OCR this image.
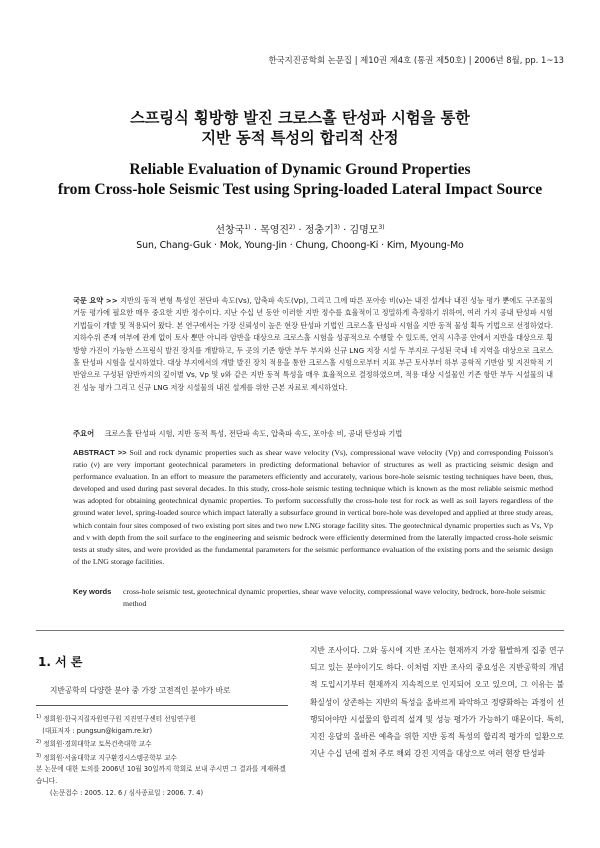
한국지진공학회 논문집 | 제10권 제4호 (통권 제50호) | 2006년 8월, pp. 1~13
스프링식 횡방향 발진 크로스홀 탄성파 시험을 통한
지반 동적 특성의 합리적 산정
Reliable Evaluation of Dynamic Ground Properties
from Cross-hole Seismic Test using Spring-loaded Lateral Impact Source
선창국$^{1)}$ · 목영진$^{2)}$ · 정충기$^{3)}$ · 김명모$^{3)}$
Sun, Chang-Guk · Mok, Young-Jin · Chung, Choong-Ki · Kim, Myoung-Mo
국문 요약 >> 지반의 동적 변형 특성인 전단파 속도(Vs), 압축파 속도(Vp), 그리고 그에 따른 포아송 비(ν)는 내진 설계나 내진 성능 평가 뿐에도 구조물의 거동 평가에 필요한 매우 중요한 지반 정수이다. 지난 수십 년 동안 이러한 지반 정수를 효율적이고 정밀하게 측정하기 위하여, 여러 가지 공내 탄성파 시험 기법들이 개발 및 적용되어 왔다. 본 연구에서는 가장 신뢰성이 높은 현장 탄성파 기법인 크로스홀 탄성파 시험을 지반 동적 물성 획득 기법으로 선정하였다. 지하수위 존재 여부에 관계 없이 토사 뿐만 아니라 암반을 대상으로 크로스홀 시험을 성공적으로 수행할 수 있도록, 연직 시추공 안에서 지반을 대상으로 횡방향 가진이 가능한 스프링식 발진 장치를 개발하고, 두 곳의 기존 항만 부두 부지와 신규 LNG 저장 시설 두 부지로 구성된 국내 네 지역을 대상으로 크로스홀 탄성파 시험을 실시하였다. 대상 부지에서의 개발 발진 장치 적용을 통한 크로스홀 시험으로부터 지표 부근 토사부터 하부 공학적 기반암 및 지진학적 기반암으로 구성된 암반까지의 깊이별 Vs, Vp 및 ν와 같은 지반 동적 특성을 매우 효율적으로 결정하였으며, 적용 대상 시설물인 기존 항만 부두 시설물의 내진 성능 평가 그리고 신규 LNG 저장 시설물의 내진 설계를 위한 근본 자료로 제시하였다.
주요어 크로스홀 탄성파 시험, 지반 동적 특성, 전단파 속도, 압축파 속도, 포아송 비, 공내 탄성파 기법
ABSTRACT >> Soil and rock dynamic properties such as shear wave velocity (Vs), compressional wave velocity (Vp) and corresponding Poisson's ratio (ν) are very important geotechnical parameters in predicting deformational behavior of structures as well as practicing seismic design and performance evaluation. In an effort to measure the parameters efficiently and accurately, various bore-hole seismic testing techniques have been, thus, developed and used during past several decades. In this study, cross-hole seismic testing technique which is known as the most reliable seismic method was adopted for obtaining geotechnical dynamic properties. To perform successfully the cross-hole test for rock as well as soil layers regardless of the ground water level, spring-loaded source which impact laterally a subsurface ground in vertical bore-hole was developed and applied at three study areas, which contain four sites composed of two existing port sites and two new LNG storage facility sites. The geotechnical dynamic properties such as Vs, Vp and ν with depth from the soil surface to the engineering and seismic bedrock were efficiently determined from the laterally impacted cross-hole seismic tests at study sites, and were provided as the fundamental parameters for the seismic performance evaluation of the existing ports and the seismic design of the LNG storage facilities.
Key words	cross-hole seismic test, geotechnical dynamic properties, shear wave velocity, compressional wave velocity, bedrock, bore-hole seismic method
1. 서 론
지반공학의 다양한 분야 중 가장 고전적인 분야가 바로
$^{1)}$ 정회원·한국지질자원연구원 지진연구센터 선임연구원
(대표저자 : pungsun@kigam.re.kr)
$^{2)}$ 정회원·경희대학교 토목건축대학 교수
$^{3)}$ 정회원·서울대학교 지구환경시스템공학부 교수
본 논문에 대한 토의를 2006년 10월 30일까지 학회로 보내 주시면 그 결과를 게재하겠습니다.
(논문접수 : 2005. 12. 6 / 심사종료일 : 2006. 7. 4)
지반 조사이다. 그와 동시에 지반 조사는 현재까지 가장 활발하게 집중 연구되고 있는 분야이기도 하다. 이처럼 지반 조사의 중요성은 지반공학의 개념적 도입시기부터 현재까지 지속적으로 인지되어 오고 있으며, 그 이유는 불확실성이 상존하는 지반의 특성을 올바르게 파악하고 정량화하는 과정이 선행되어야만 시설물의 합리적 설계 및 성능 평가가 가능하기 때문이다. 특히, 지진 응답의 올바른 예측을 위한 지반 동적 특성의 합리적 평가의 일환으로 지난 수십 년에 걸쳐 주로 해외 강진 지역을 대상으로 여러 현장 탄성파
